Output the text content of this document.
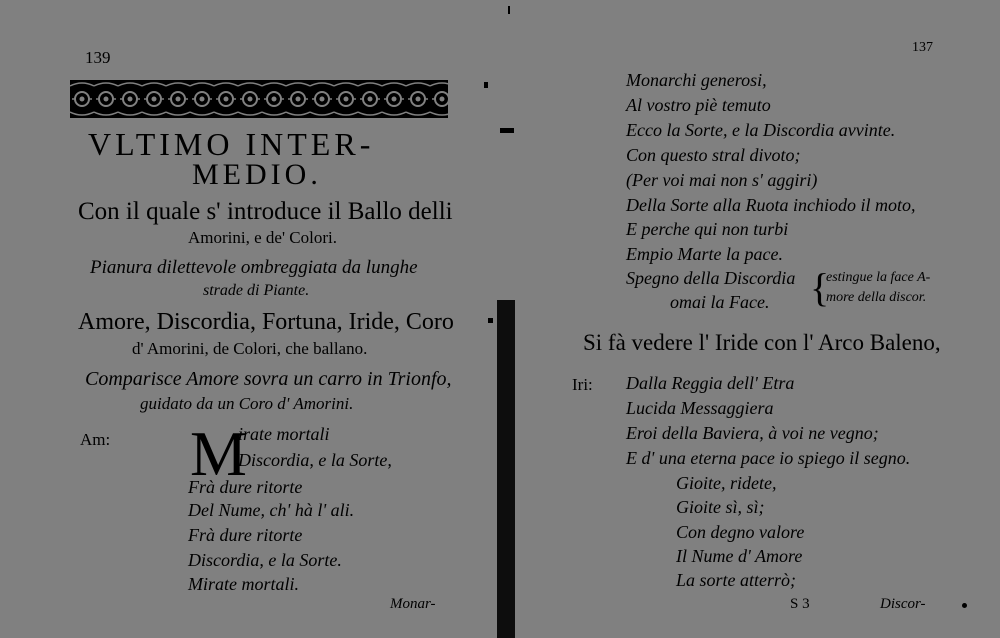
139
VLTIMO INTER-
MEDIO.
Con il quale s' introduce il Ballo delli
Amorini, e de' Colori.
Pianura dilettevole ombreggiata da lunghe
strade di Piante.
Amore, Discordia, Fortuna, Iride, Coro
d' Amorini, de Colori, che ballano.
Comparisce Amore sovra un carro in Trionfo,
guidato da un Coro d' Amorini.
Am: M
irate mortali
Discordia, e la Sorte,
Frà dure ritorte
Del Nume, ch' hà l' ali.
Frà dure ritorte
Discordia, e la Sorte.
Mirate mortali.
Monar-
137
Monarchi generosi,
Al vostro piè temuto
Ecco la Sorte, e la Discordia avvinte.
Con questo stral divoto;
(Per voi mai non s' aggiri)
Della Sorte alla Ruota inchiodo il moto,
E perche qui non turbi
Empio Marte la pace.
Spegno della Discordia
omai la Face. {
estingue la face A-
more della discor.
Si fà vedere l' Iride con l' Arco Baleno,
Iri: Dalla Reggia dell' Etra
Lucida Messaggiera
Eroi della Baviera, à voi ne vegno;
E d' una eterna pace io spiego il segno.
Gioite, ridete,
Gioite sì, sì;
Con degno valore
Il Nume d' Amore
La sorte atterrò;
S 3	Discor-
